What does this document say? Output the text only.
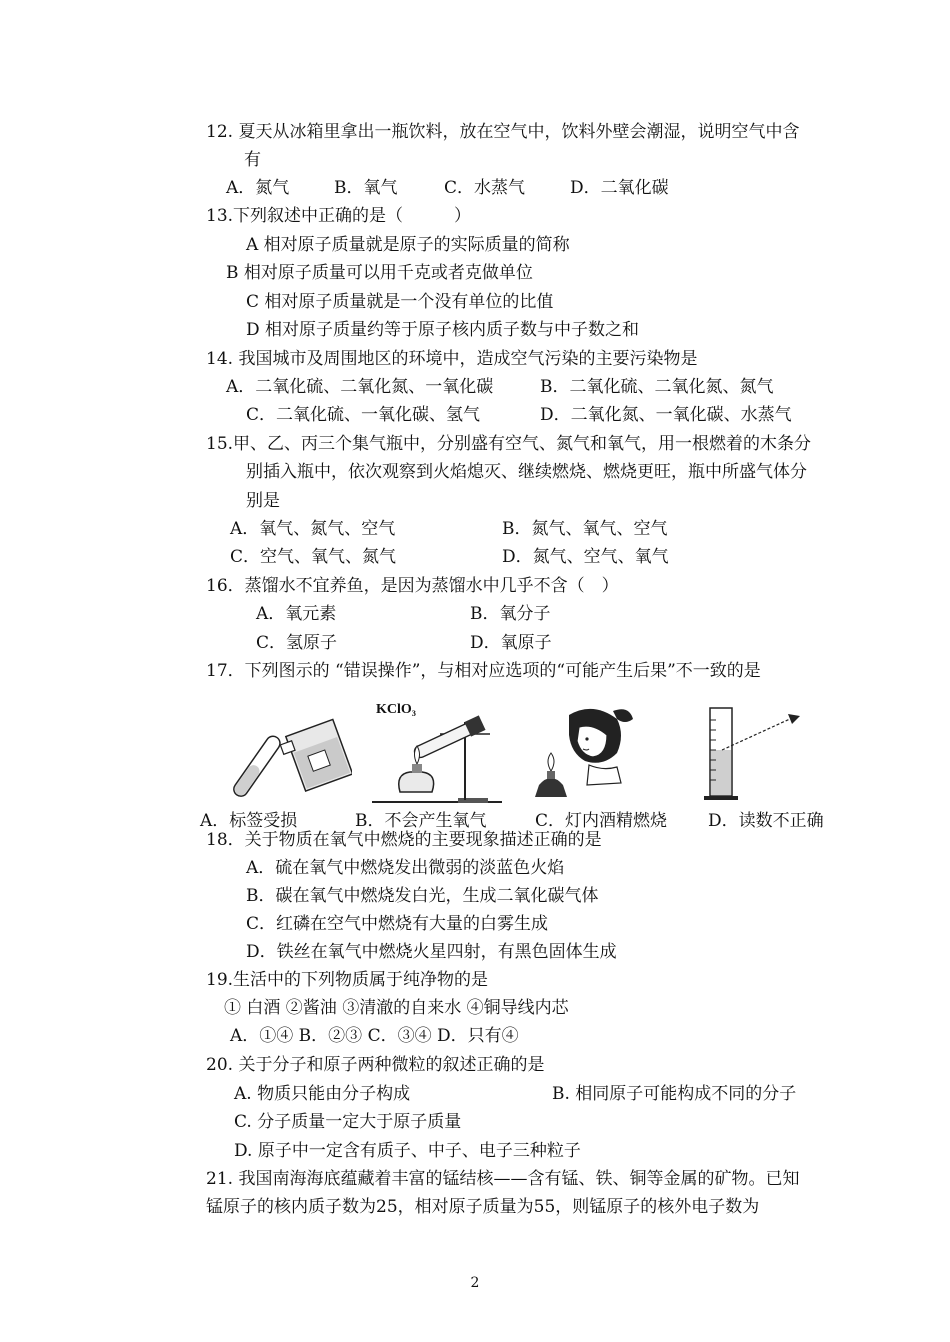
12. 夏天从冰箱里拿出一瓶饮料，放在空气中，饮料外壁会潮湿，说明空气中含
有
A．氮气	B．氧气	C．水蒸气	D．二氧化碳
13.下列叙述中正确的是（　　　）
A 相对原子质量就是原子的实际质量的简称
B 相对原子质量可以用千克或者克做单位
C 相对原子质量就是一个没有单位的比值
D 相对原子质量约等于原子核内质子数与中子数之和
14. 我国城市及周围地区的环境中，造成空气污染的主要污染物是
A．二氧化硫、二氧化氮、一氧化碳	B．二氧化硫、二氧化氮、氮气
C．二氧化硫、一氧化碳、氢气	D．二氧化氮、一氧化碳、水蒸气
15.甲、乙、丙三个集气瓶中，分别盛有空气、氮气和氧气，用一根燃着的木条分
别插入瓶中，依次观察到火焰熄灭、继续燃烧、燃烧更旺，瓶中所盛气体分
别是
A．氧气、氮气、空气	B．氮气、氧气、空气
C．空气、氧气、氮气	D．氮气、空气、氧气
16．蒸馏水不宜养鱼，是因为蒸馏水中几乎不含（　）
A．氧元素	B．氧分子
C．氢原子	D．氧原子
17．下列图示的 “错误操作”，与相对应选项的“可能产生后果”不一致的是
KClO₃
A．标签受损	B．不会产生氧气	C．灯内酒精燃烧 D．读数不正确
18．关于物质在氧气中燃烧的主要现象描述正确的是
A．硫在氧气中燃烧发出微弱的淡蓝色火焰
B．碳在氧气中燃烧发白光，生成二氧化碳气体
C．红磷在空气中燃烧有大量的白雾生成
D．铁丝在氧气中燃烧火星四射，有黑色固体生成
19.生活中的下列物质属于纯净物的是
① 白酒 ②酱油 ③清澈的自来水 ④铜导线内芯
A．①④ B．②③ C．③④ D．只有④
20. 关于分子和原子两种微粒的叙述正确的是
A. 物质只能由分子构成	B. 相同原子可能构成不同的分子
C. 分子质量一定大于原子质量
D. 原子中一定含有质子、中子、电子三种粒子
21. 我国南海海底蕴藏着丰富的锰结核——含有锰、铁、铜等金属的矿物。已知
锰原子的核内质子数为25，相对原子质量为55，则锰原子的核外电子数为
2
